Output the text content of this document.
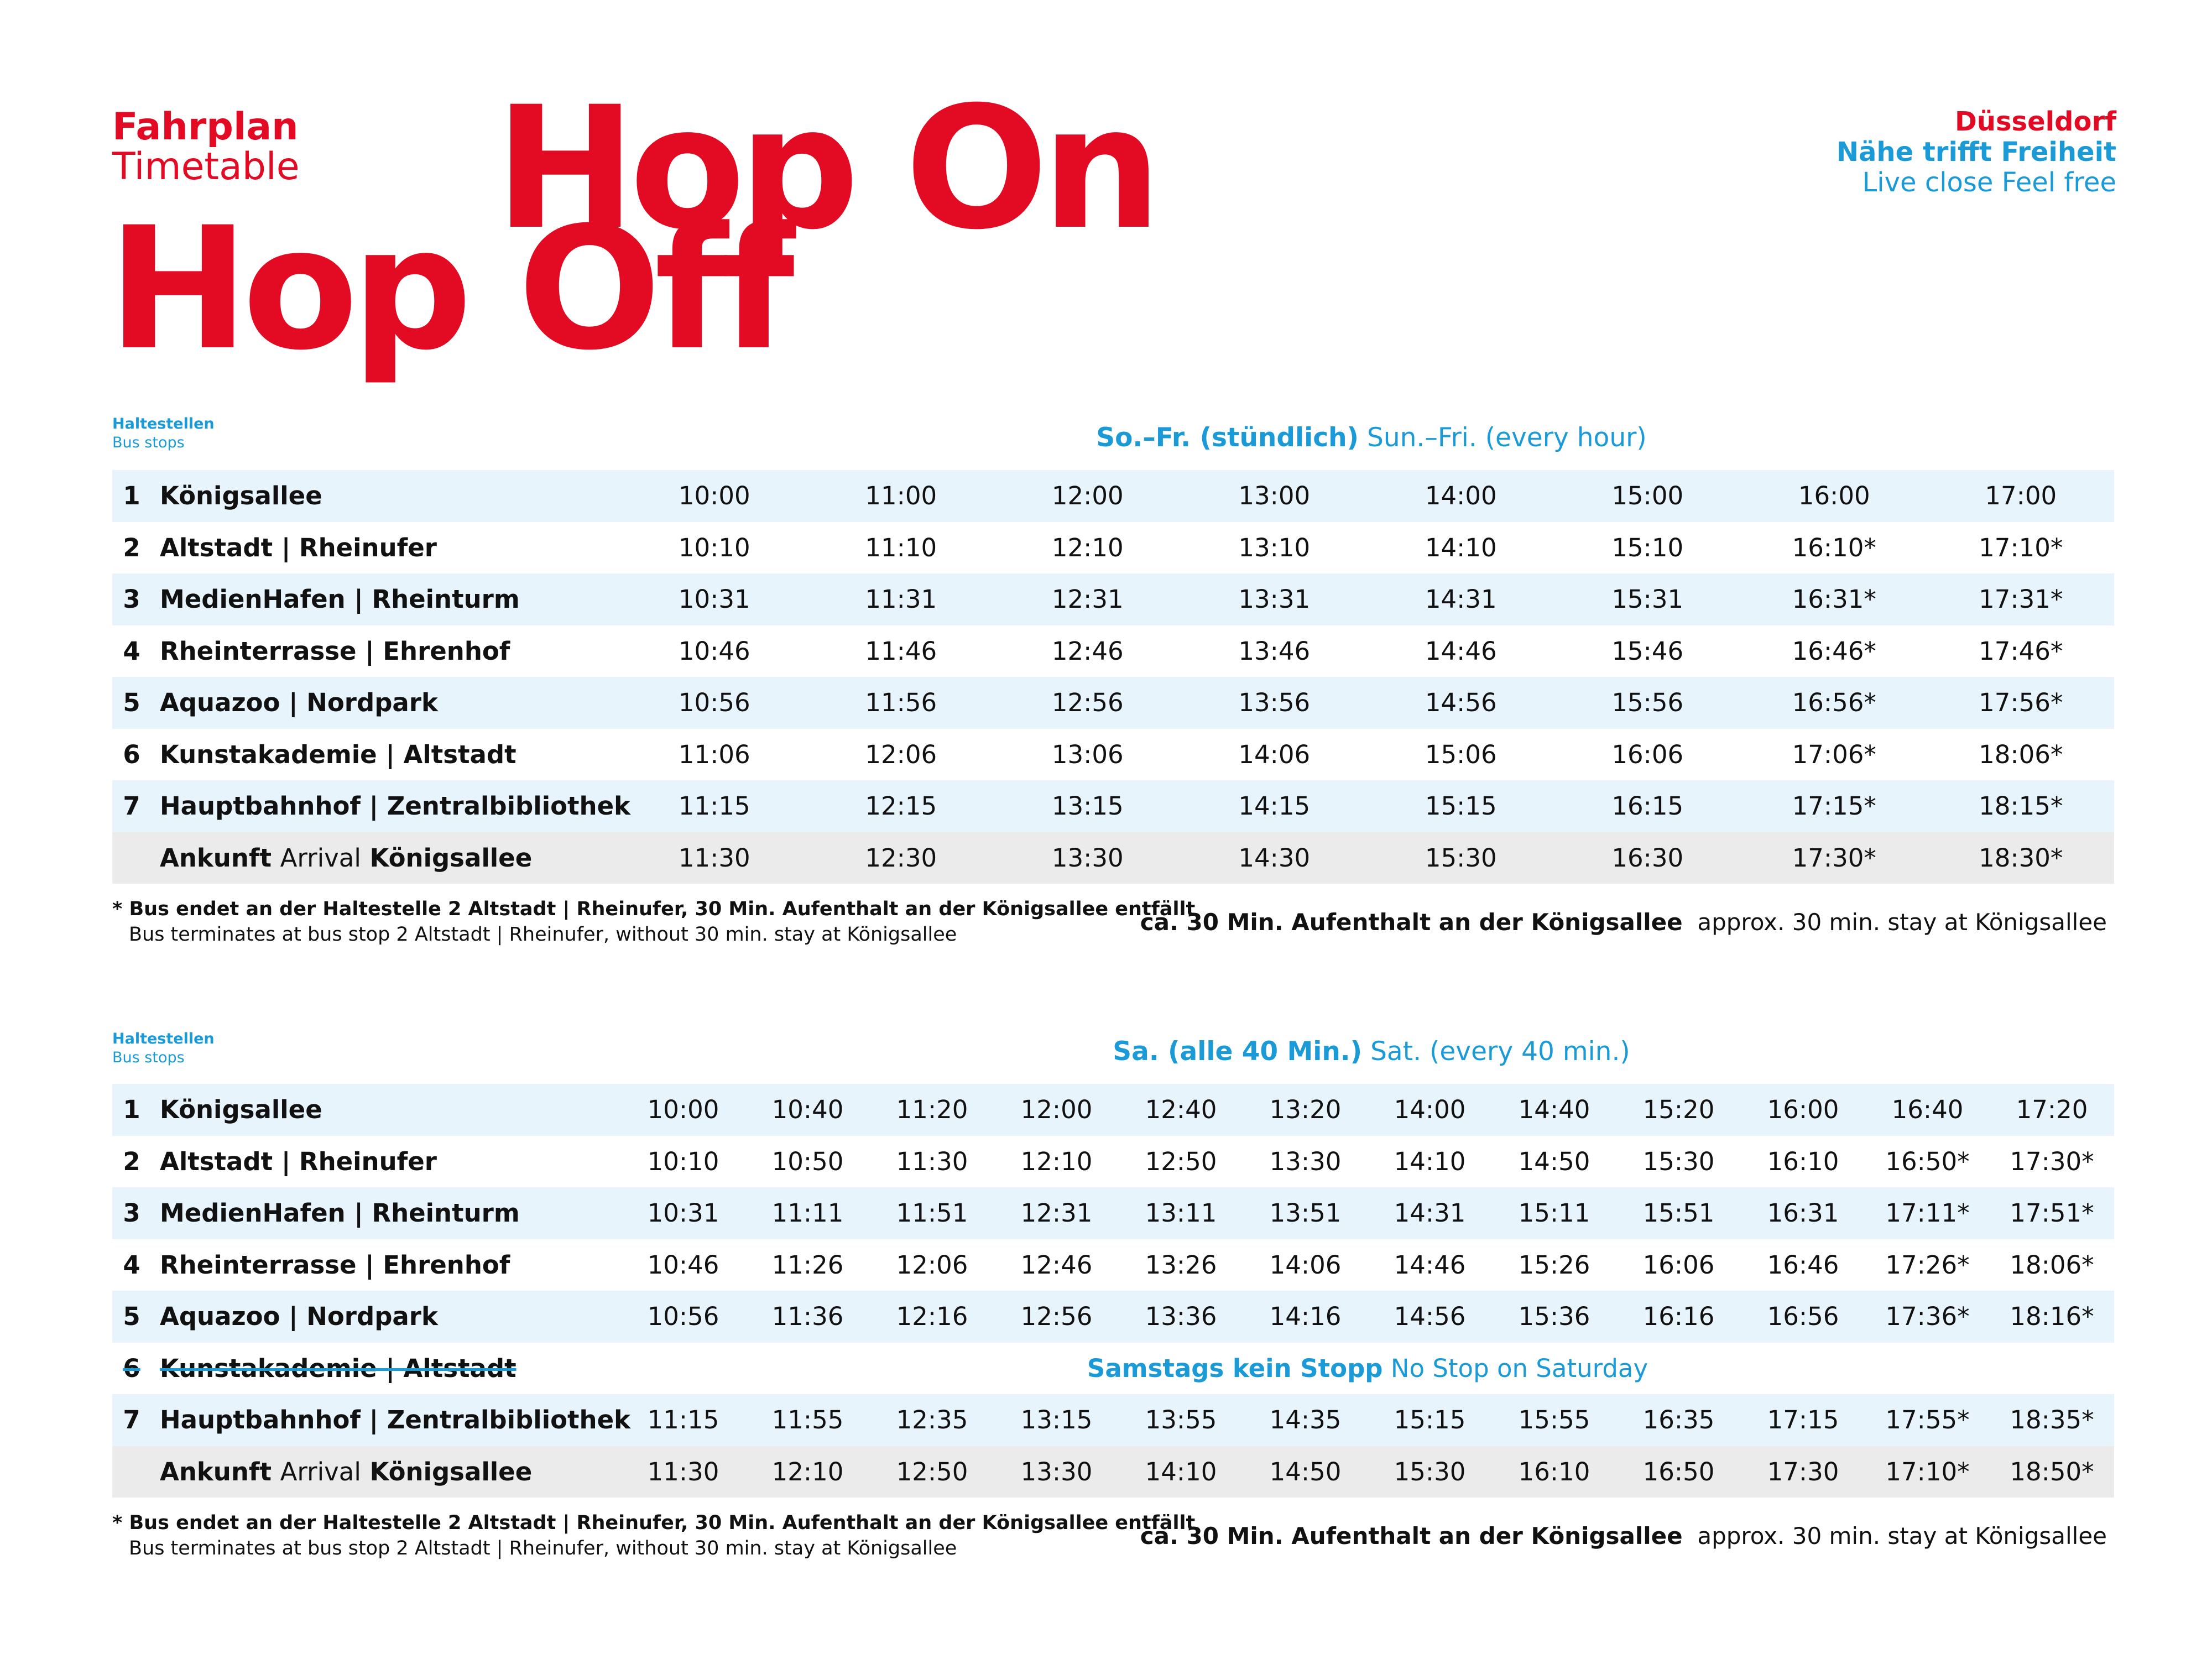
Fahrplan
Timetable Hop On
Hop Off
Düsseldorf
Nähe trifft Freiheit
Live close Feel free
Haltestellen
Bus stops	So.–Fr. (stündlich) Sun.–Fri. (every hour)
1	Königsallee	10:00	11:00	12:00	13:00	14:00	15:00	16:00	17:00
2	Altstadt | Rheinufer	10:10	11:10	12:10	13:10	14:10	15:10	16:10*	17:10*
3	MedienHafen | Rheinturm	10:31	11:31	12:31	13:31	14:31	15:31	16:31*	17:31*
4	Rheinterrasse | Ehrenhof	10:46	11:46	12:46	13:46	14:46	15:46	16:46*	17:46*
5	Aquazoo | Nordpark	10:56	11:56	12:56	13:56	14:56	15:56	16:56*	17:56*
6	Kunstakademie | Altstadt	11:06	12:06	13:06	14:06	15:06	16:06	17:06*	18:06*
7	Hauptbahnhof | Zentralbibliothek	11:15	12:15	13:15	14:15	15:15	16:15	17:15*	18:15*
	Ankunft Arrival Königsallee	11:30	12:30	13:30	14:30	15:30	16:30	17:30*	18:30*
* Bus endet an der Haltestelle 2 Altstadt | Rheinufer, 30 Min. Aufenthalt an der Königsallee entfällt
Bus terminates at bus stop 2 Altstadt | Rheinufer, without 30 min. stay at Königsallee	ca. 30 Min. Aufenthalt an der Königsallee approx. 30 min. stay at Königsallee
Haltestellen
Bus stops	Sa. (alle 40 Min.) Sat. (every 40 min.)
1	Königsallee	10:00	10:40	11:20	12:00	12:40	13:20	14:00	14:40	15:20	16:00	16:40	17:20
2	Altstadt | Rheinufer	10:10	10:50	11:30	12:10	12:50	13:30	14:10	14:50	15:30	16:10	16:50*	17:30*
3	MedienHafen | Rheinturm	10:31	11:11	11:51	12:31	13:11	13:51	14:31	15:11	15:51	16:31	17:11*	17:51*
4	Rheinterrasse | Ehrenhof	10:46	11:26	12:06	12:46	13:26	14:06	14:46	15:26	16:06	16:46	17:26*	18:06*
5	Aquazoo | Nordpark	10:56	11:36	12:16	12:56	13:36	14:16	14:56	15:36	16:16	16:56	17:36*	18:16*
6	Kunstakademie | Altstadt	Samstags kein Stopp No Stop on Saturday											
7	Hauptbahnhof | Zentralbibliothek	11:15	11:55	12:35	13:15	13:55	14:35	15:15	15:55	16:35	17:15	17:55*	18:35*
	Ankunft Arrival Königsallee	11:30	12:10	12:50	13:30	14:10	14:50	15:30	16:10	16:50	17:30	17:10*	18:50*
* Bus endet an der Haltestelle 2 Altstadt | Rheinufer, 30 Min. Aufenthalt an der Königsallee entfällt
Bus terminates at bus stop 2 Altstadt | Rheinufer, without 30 min. stay at Königsallee	ca. 30 Min. Aufenthalt an der Königsallee approx. 30 min. stay at Königsallee
